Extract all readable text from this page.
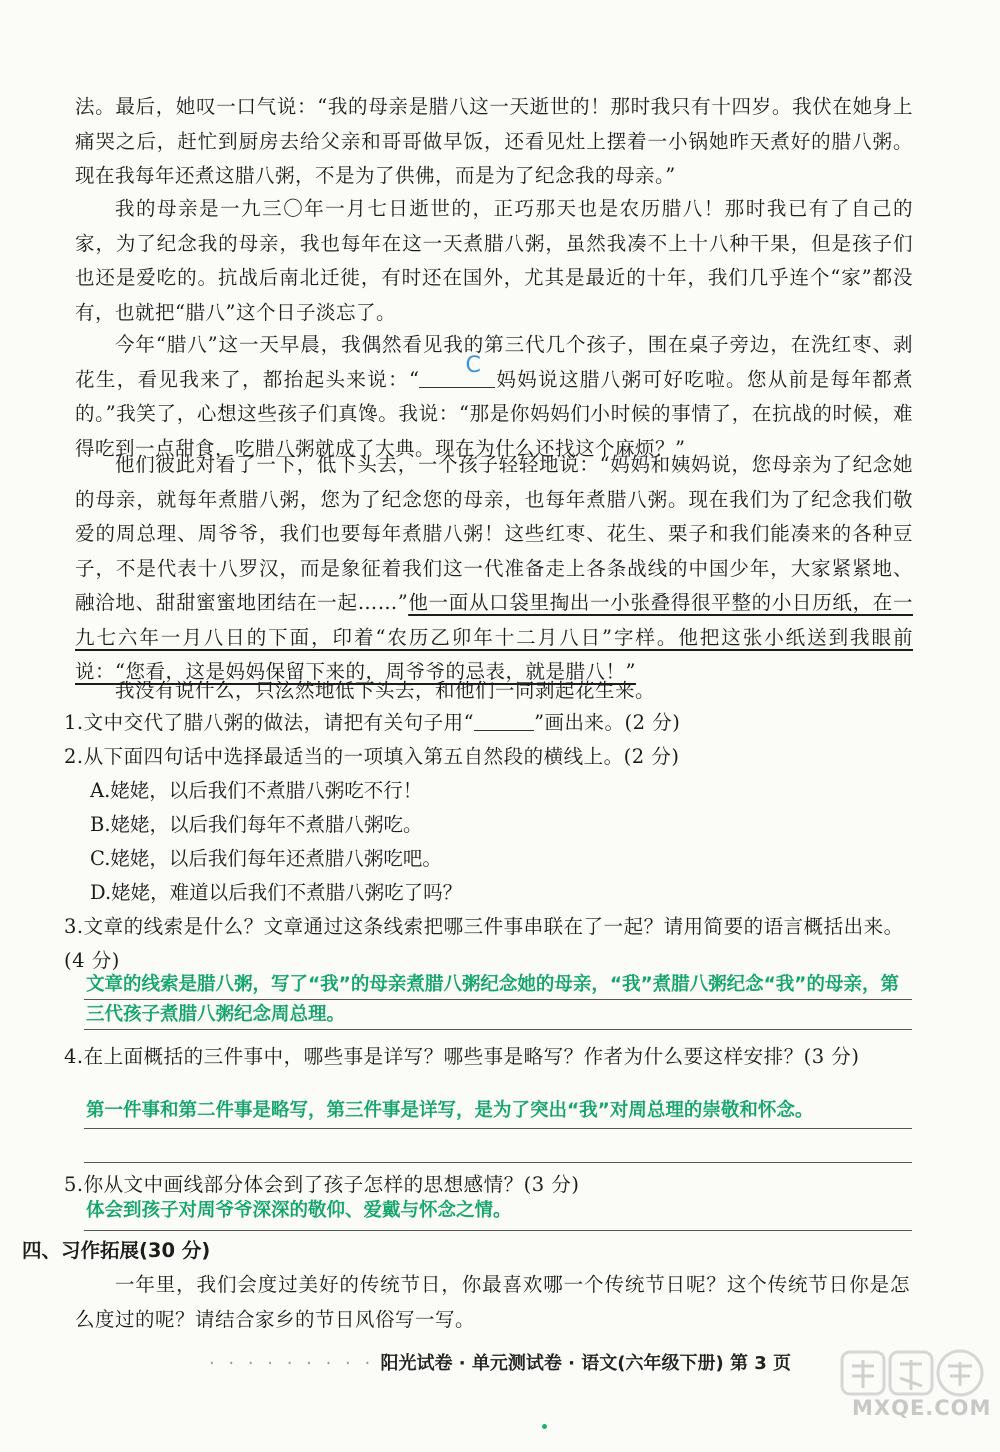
法。最后，她叹一口气说：“我的母亲是腊八这一天逝世的！那时我只有十四岁。我伏在她身上痛哭之后，赶忙到厨房去给父亲和哥哥做早饭，还看见灶上摆着一小锅她昨天煮好的腊八粥。现在我每年还煮这腊八粥，不是为了供佛，而是为了纪念我的母亲。”

我的母亲是一九三〇年一月七日逝世的，正巧那天也是农历腊八！那时我已有了自己的家，为了纪念我的母亲，我也每年在这一天煮腊八粥，虽然我凑不上十八种干果，但是孩子们也还是爱吃的。抗战后南北迁徙，有时还在国外，尤其是最近的十年，我们几乎连个“家”都没有，也就把“腊八”这个日子淡忘了。

今年“腊八”这一天早晨，我偶然看见我的第三代几个孩子，围在桌子旁边，在洗红枣、剥花生，看见我来了，都抬起头来说：“
C
妈妈说这腊八粥可好吃啦。您从前是每年都煮的。”我笑了，心想这些孩子们真馋。我说：“那是你妈妈们小时候的事情了，在抗战的时候，难得吃到一点甜食，吃腊八粥就成了大典。现在为什么还找这个麻烦？”

他们彼此对看了一下，低下头去，一个孩子轻轻地说：“妈妈和姨妈说，您母亲为了纪念她的母亲，就每年煮腊八粥，您为了纪念您的母亲，也每年煮腊八粥。现在我们为了纪念我们敬爱的周总理、周爷爷，我们也要每年煮腊八粥！这些红枣、花生、栗子和我们能凑来的各种豆子，不是代表十八罗汉，而是象征着我们这一代准备走上各条战线的中国少年，大家紧紧地、融洽地、甜甜蜜蜜地团结在一起……”他一面从口袋里掏出一小张叠得很平整的小日历纸，在一九七六年一月八日的下面，印着“农历乙卯年十二月八日”字样。他把这张小纸送到我眼前说：“您看，这是妈妈保留下来的，周爷爷的忌表，就是腊八！”

我没有说什么，只泫然地低下头去，和他们一同剥起花生来。

1.文中交代了腊八粥的做法，请把有关句子用“	”画出来。(2 分)

2.从下面四句话中选择最适当的一项填入第五自然段的横线上。(2 分)

A.姥姥，以后我们不煮腊八粥吃不行！

B.姥姥，以后我们每年不煮腊八粥吃。

C.姥姥，以后我们每年还煮腊八粥吃吧。

D.姥姥，难道以后我们不煮腊八粥吃了吗？

3.文章的线索是什么？文章通过这条线索把哪三件事串联在了一起？请用简要的语言概括出来。(4 分)

文章的线索是腊八粥，写了“我”的母亲煮腊八粥纪念她的母亲，“我”煮腊八粥纪念“我”的母亲，第三代孩子煮腊八粥纪念周总理。

4.在上面概括的三件事中，哪些事是详写？哪些事是略写？作者为什么要这样安排？(3 分)

第一件事和第二件事是略写，第三件事是详写，是为了突出“我”对周总理的崇敬和怀念。

5.你从文中画线部分体会到了孩子怎样的思想感情？(3 分)

体会到孩子对周爷爷深深的敬仰、爱戴与怀念之情。

四、习作拓展(30 分)

一年里，我们会度过美好的传统节日，你最喜欢哪一个传统节日呢？这个传统节日你是怎么度过的呢？请结合家乡的节日风俗写一写。

· · · · · · · · · 阳光试卷 · 单元测试卷 · 语文(六年级下册) 第 3 页
MXQE.COM
